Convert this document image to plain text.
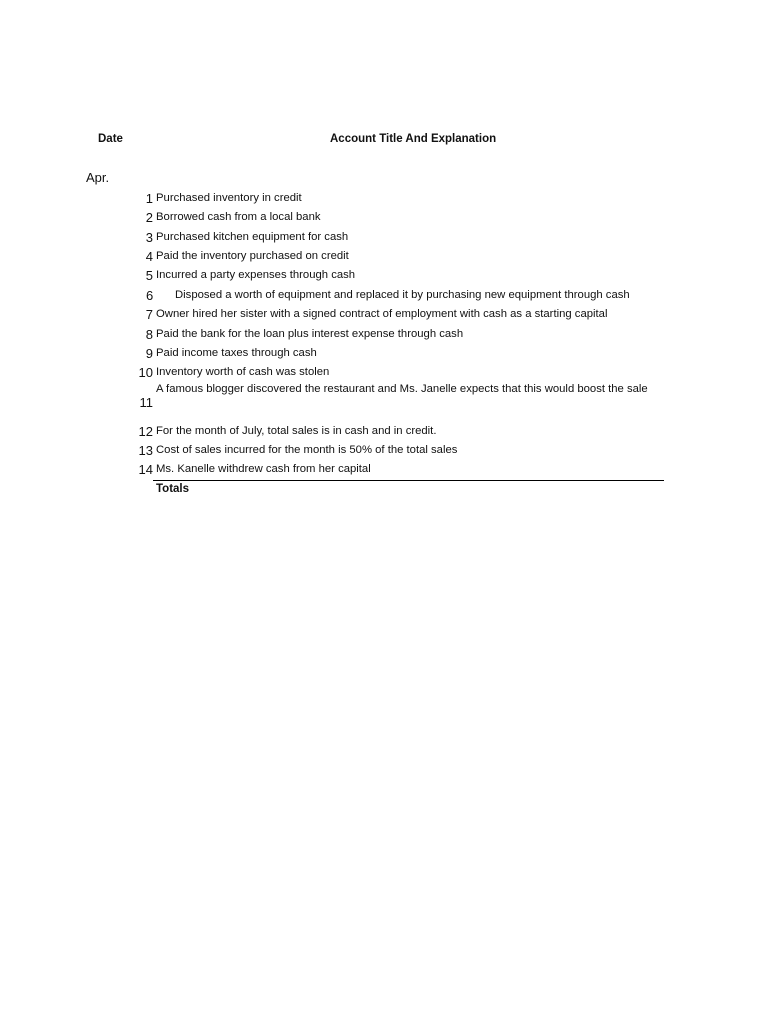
Date	Account Title And Explanation
Apr.
1 Purchased inventory in credit
2 Borrowed cash from a local bank
3 Purchased kitchen equipment for cash
4 Paid the inventory purchased on credit
5 Incurred a party expenses through cash
6 Disposed a worth of equipment and replaced it by purchasing new equipment through cash
7 Owner hired her sister with a signed contract of employment with cash as a starting capital
8 Paid the bank for the loan plus interest expense through cash
9 Paid income taxes through cash
10 Inventory worth of cash was stolen
11
A famous blogger discovered the restaurant and Ms. Janelle expects that this would boost the sale
12 For the month of July, total sales is in cash and in credit.
13 Cost of sales incurred for the month is 50% of the total sales
14 Ms. Kanelle withdrew cash from her capital
Totals
